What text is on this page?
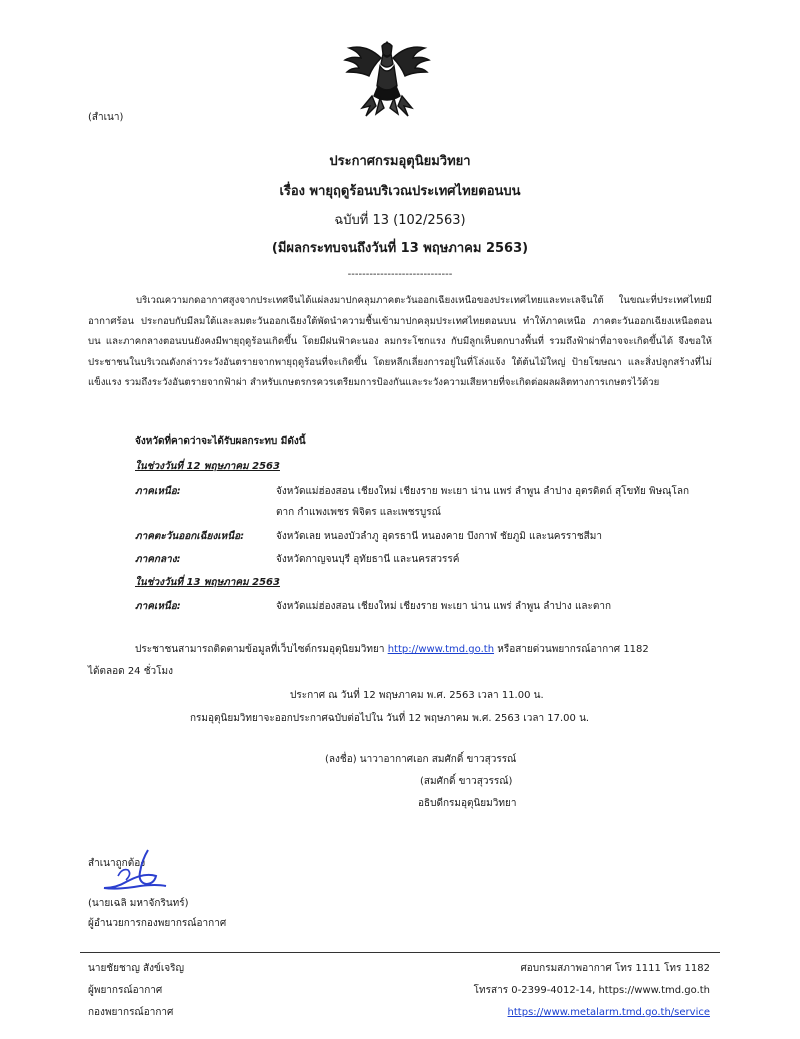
(สำเนา)
ประกาศกรมอุตุนิยมวิทยา
เรื่อง พายุฤดูร้อนบริเวณประเทศไทยตอนบน
ฉบับที่ 13 (102/2563)
(มีผลกระทบจนถึงวันที่ 13 พฤษภาคม 2563)
-----------------------------
บริเวณความกดอากาศสูงจากประเทศจีนได้แผ่ลงมาปกคลุมภาคตะวันออกเฉียงเหนือของประเทศไทยและทะเลจีนใต้ ในขณะที่ประเทศไทยมีอากาศร้อน ประกอบกับมีลมใต้และลมตะวันออกเฉียงใต้พัดนำความชื้นเข้ามาปกคลุมประเทศไทยตอนบน ทำให้ภาคเหนือ ภาคตะวันออกเฉียงเหนือตอนบน และภาคกลางตอนบนยังคงมีพายุฤดูร้อนเกิดขึ้น โดยมีฝนฟ้าคะนอง ลมกระโชกแรง กับมีลูกเห็บตกบางพื้นที่ รวมถึงฟ้าผ่าที่อาจจะเกิดขึ้นได้ จึงขอให้ประชาชนในบริเวณดังกล่าวระวังอันตรายจากพายุฤดูร้อนที่จะเกิดขึ้น โดยหลีกเลี่ยงการอยู่ในที่โล่งแจ้ง ใต้ต้นไม้ใหญ่ ป้ายโฆษณา และสิ่งปลูกสร้างที่ไม่แข็งแรง รวมถึงระวังอันตรายจากฟ้าผ่า สำหรับเกษตรกรควรเตรียมการป้องกันและระวังความเสียหายที่จะเกิดต่อผลผลิตทางการเกษตรไว้ด้วย
จังหวัดที่คาดว่าจะได้รับผลกระทบ มีดังนี้
ในช่วงวันที่ 12 พฤษภาคม 2563
ภาคเหนือ:	จังหวัดแม่ฮ่องสอน เชียงใหม่ เชียงราย พะเยา น่าน แพร่ ลำพูน ลำปาง อุตรดิตถ์ สุโขทัย พิษณุโลก
ตาก กำแพงเพชร พิจิตร และเพชรบูรณ์
ภาคตะวันออกเฉียงเหนือ:	จังหวัดเลย หนองบัวลำภู อุดรธานี หนองคาย บึงกาฬ ชัยภูมิ และนครราชสีมา
ภาคกลาง:	จังหวัดกาญจนบุรี อุทัยธานี และนครสวรรค์
ในช่วงวันที่ 13 พฤษภาคม 2563
ภาคเหนือ:	จังหวัดแม่ฮ่องสอน เชียงใหม่ เชียงราย พะเยา น่าน แพร่ ลำพูน ลำปาง และตาก
ประชาชนสามารถติดตามข้อมูลที่เว็บไซต์กรมอุตุนิยมวิทยา http://www.tmd.go.th หรือสายด่วนพยากรณ์อากาศ 1182
ได้ตลอด 24 ชั่วโมง
ประกาศ ณ วันที่ 12 พฤษภาคม พ.ศ. 2563 เวลา 11.00 น.
กรมอุตุนิยมวิทยาจะออกประกาศฉบับต่อไปใน วันที่ 12 พฤษภาคม พ.ศ. 2563 เวลา 17.00 น.
(ลงชื่อ) นาวาอากาศเอก สมศักดิ์ ขาวสุวรรณ์
(สมศักดิ์ ขาวสุวรรณ์)
อธิบดีกรมอุตุนิยมวิทยา
สำเนาถูกต้อง
(นายเฉลิ มหาจักรินทร์)
ผู้อำนวยการกองพยากรณ์อากาศ
นายชัยชาญ สังข์เจริญ
ผู้พยากรณ์อากาศ
กองพยากรณ์อากาศ
ศอบกรมสภาพอากาศ โทร 1111 โทร 1182
โทรสาร 0-2399-4012-14, https://www.tmd.go.th
https://www.metalarm.tmd.go.th/service
